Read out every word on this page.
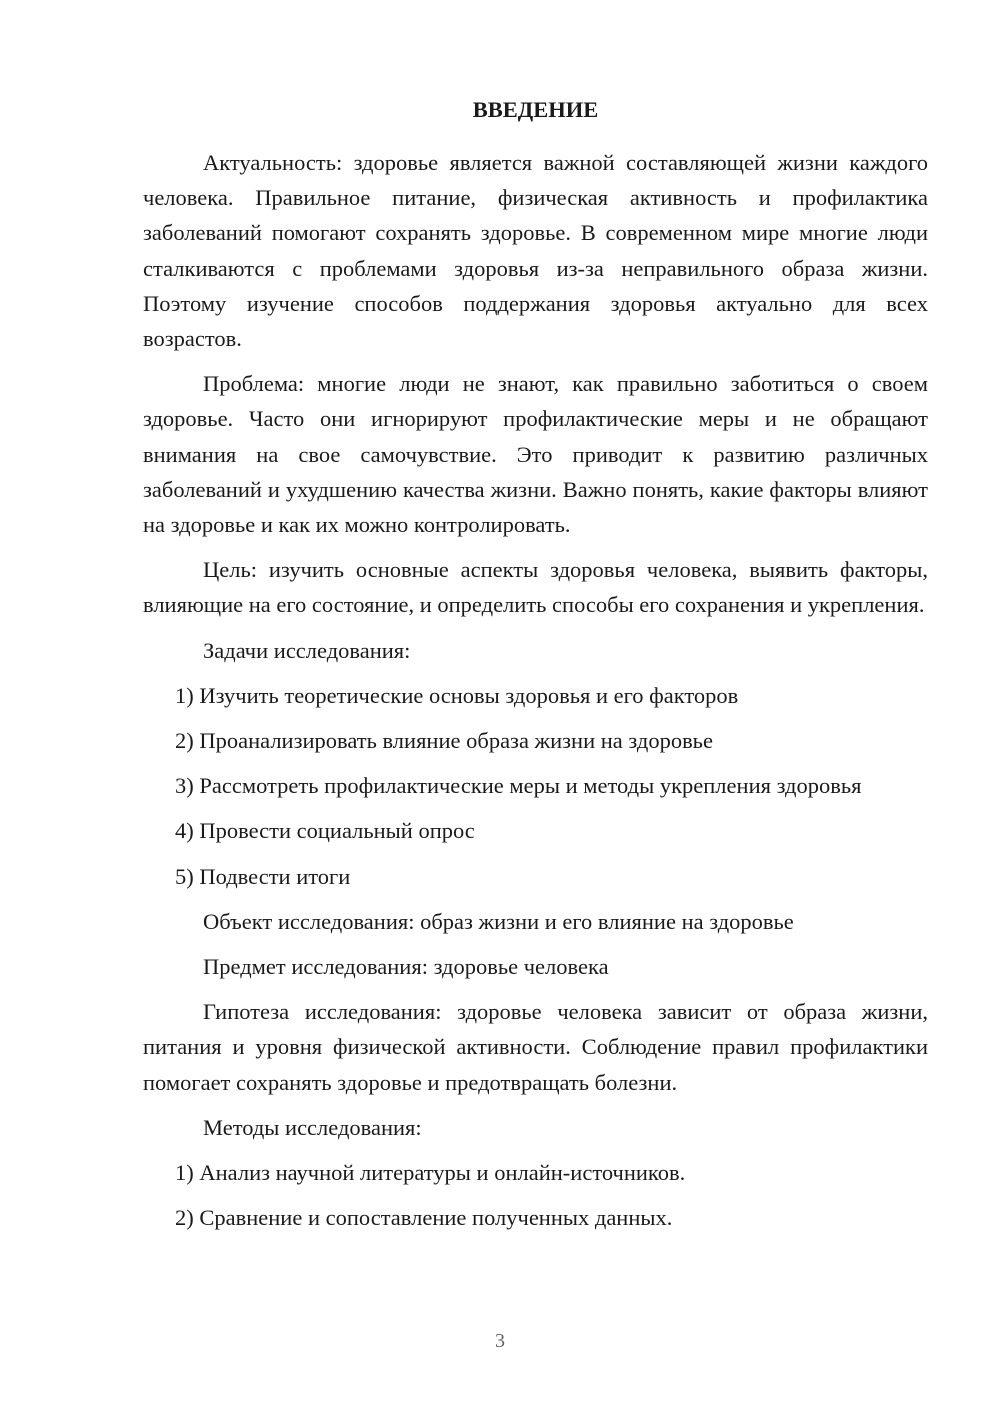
ВВЕДЕНИЕ

Актуальность: здоровье является важной составляющей жизни каждого человека. Правильное питание, физическая активность и профилактика заболеваний помогают сохранять здоровье. В современном мире многие люди сталкиваются с проблемами здоровья из-за неправильного образа жизни. Поэтому изучение способов поддержания здоровья актуально для всех возрастов.

Проблема: многие люди не знают, как правильно заботиться о своем здоровье. Часто они игнорируют профилактические меры и не обращают внимания на свое самочувствие. Это приводит к развитию различных заболеваний и ухудшению качества жизни. Важно понять, какие факторы влияют на здоровье и как их можно контролировать.

Цель: изучить основные аспекты здоровья человека, выявить факторы, влияющие на его состояние, и определить способы его сохранения и укрепления.

Задачи исследования:

1) Изучить теоретические основы здоровья и его факторов

2) Проанализировать влияние образа жизни на здоровье

3) Рассмотреть профилактические меры и методы укрепления здоровья

4) Провести социальный опрос

5) Подвести итоги

Объект исследования: образ жизни и его влияние на здоровье

Предмет исследования: здоровье человека

Гипотеза исследования: здоровье человека зависит от образа жизни, питания и уровня физической активности. Соблюдение правил профилактики помогает сохранять здоровье и предотвращать болезни.

Методы исследования:

1) Анализ научной литературы и онлайн-источников.

2) Сравнение и сопоставление полученных данных.

3
